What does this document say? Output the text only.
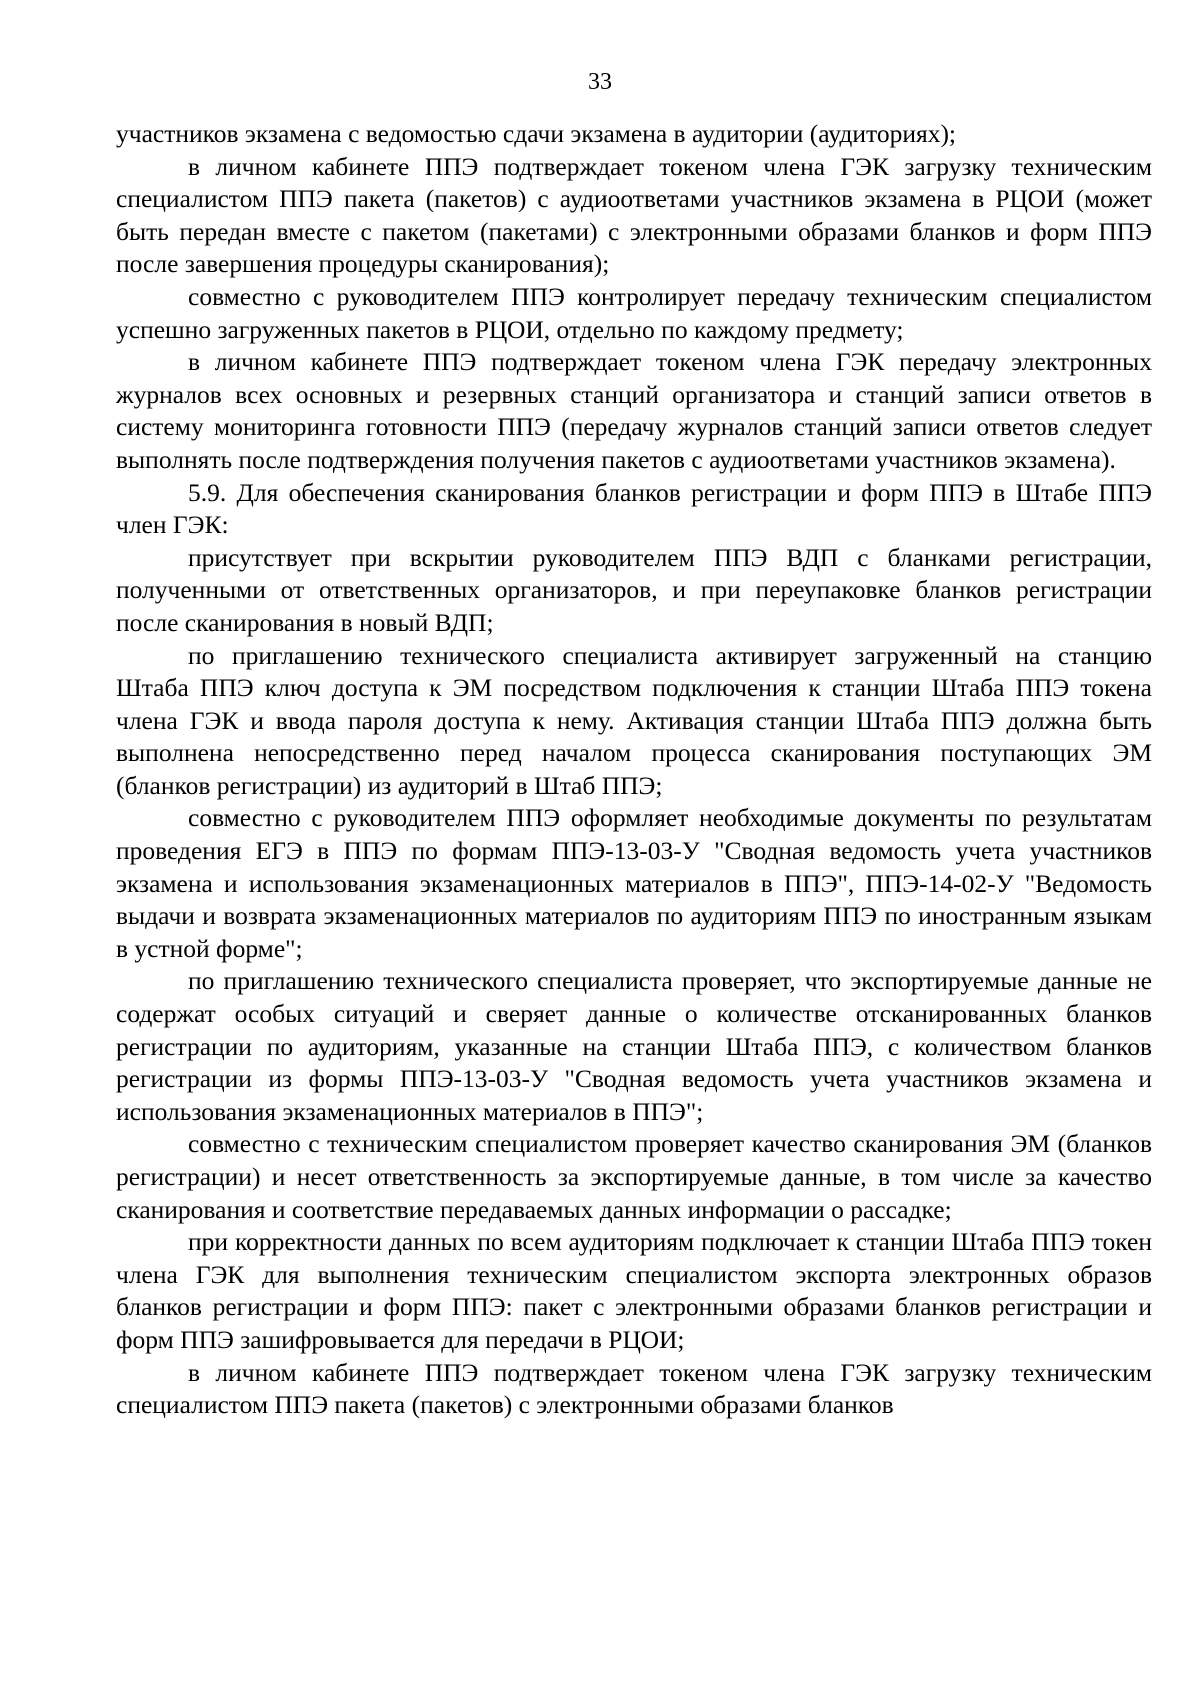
33

участников экзамена с ведомостью сдачи экзамена в аудитории (аудиториях);

в личном кабинете ППЭ подтверждает токеном члена ГЭК загрузку техническим специалистом ППЭ пакета (пакетов) с аудиоответами участников экзамена в РЦОИ (может быть передан вместе с пакетом (пакетами) с электронными образами бланков и форм ППЭ после завершения процедуры сканирования);

совместно с руководителем ППЭ контролирует передачу техническим специалистом успешно загруженных пакетов в РЦОИ, отдельно по каждому предмету;

в личном кабинете ППЭ подтверждает токеном члена ГЭК передачу электронных журналов всех основных и резервных станций организатора и станций записи ответов в систему мониторинга готовности ППЭ (передачу журналов станций записи ответов следует выполнять после подтверждения получения пакетов с аудиоответами участников экзамена).

5.9. Для обеспечения сканирования бланков регистрации и форм ППЭ в Штабе ППЭ член ГЭК:

присутствует при вскрытии руководителем ППЭ ВДП с бланками регистрации, полученными от ответственных организаторов, и при переупаковке бланков регистрации после сканирования в новый ВДП;

по приглашению технического специалиста активирует загруженный на станцию Штаба ППЭ ключ доступа к ЭМ посредством подключения к станции Штаба ППЭ токена члена ГЭК и ввода пароля доступа к нему. Активация станции Штаба ППЭ должна быть выполнена непосредственно перед началом процесса сканирования поступающих ЭМ (бланков регистрации) из аудиторий в Штаб ППЭ;

совместно с руководителем ППЭ оформляет необходимые документы по результатам проведения ЕГЭ в ППЭ по формам ППЭ-13-03-У "Сводная ведомость учета участников экзамена и использования экзаменационных материалов в ППЭ", ППЭ-14-02-У "Ведомость выдачи и возврата экзаменационных материалов по аудиториям ППЭ по иностранным языкам в устной форме";

по приглашению технического специалиста проверяет, что экспортируемые данные не содержат особых ситуаций и сверяет данные о количестве отсканированных бланков регистрации по аудиториям, указанные на станции Штаба ППЭ, с количеством бланков регистрации из формы ППЭ-13-03-У "Сводная ведомость учета участников экзамена и использования экзаменационных материалов в ППЭ";

совместно с техническим специалистом проверяет качество сканирования ЭМ (бланков регистрации) и несет ответственность за экспортируемые данные, в том числе за качество сканирования и соответствие передаваемых данных информации о рассадке;

при корректности данных по всем аудиториям подключает к станции Штаба ППЭ токен члена ГЭК для выполнения техническим специалистом экспорта электронных образов бланков регистрации и форм ППЭ: пакет с электронными образами бланков регистрации и форм ППЭ зашифровывается для передачи в РЦОИ;

в личном кабинете ППЭ подтверждает токеном члена ГЭК загрузку техническим специалистом ППЭ пакета (пакетов) с электронными образами бланков
